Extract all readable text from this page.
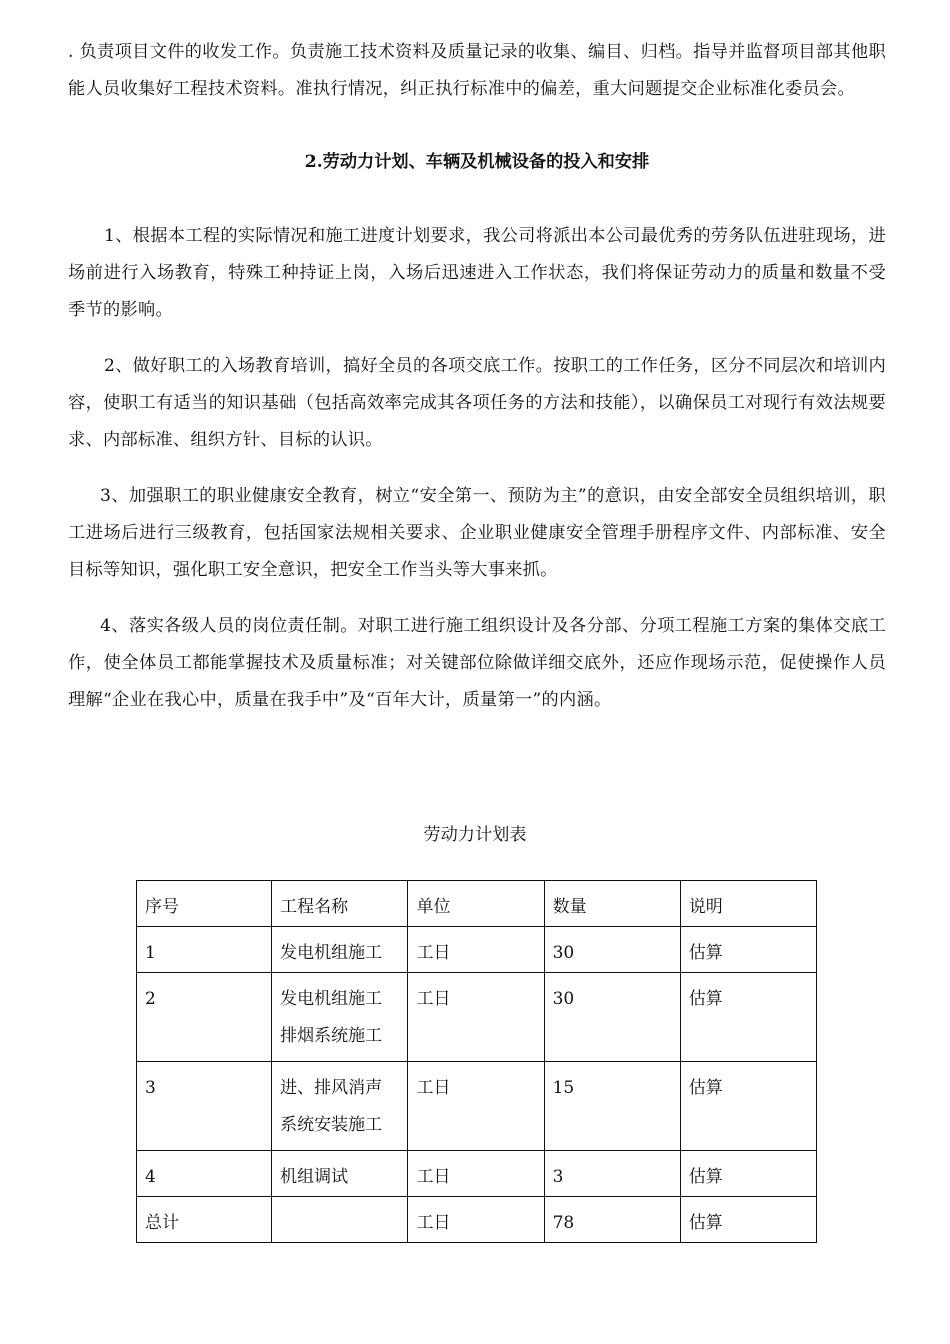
. 负责项目文件的收发工作。负责施工技术资料及质量记录的收集、编目、归档。指导并监督项目部其他职能人员收集好工程技术资料。准执行情况，纠正执行标准中的偏差，重大问题提交企业标准化委员会。

2.劳动力计划、车辆及机械设备的投入和安排

1、根据本工程的实际情况和施工进度计划要求，我公司将派出本公司最优秀的劳务队伍进驻现场，进场前进行入场教育，特殊工种持证上岗，入场后迅速进入工作状态，我们将保证劳动力的质量和数量不受季节的影响。

2、做好职工的入场教育培训，搞好全员的各项交底工作。按职工的工作任务，区分不同层次和培训内容，使职工有适当的知识基础（包括高效率完成其各项任务的方法和技能），以确保员工对现行有效法规要求、内部标准、组织方针、目标的认识。

3、加强职工的职业健康安全教育，树立“安全第一、预防为主”的意识，由安全部安全员组织培训，职工进场后进行三级教育，包括国家法规相关要求、企业职业健康安全管理手册程序文件、内部标准、安全目标等知识，强化职工安全意识，把安全工作当头等大事来抓。

4、落实各级人员的岗位责任制。对职工进行施工组织设计及各分部、分项工程施工方案的集体交底工作，使全体员工都能掌握技术及质量标准；对关键部位除做详细交底外，还应作现场示范，促使操作人员理解“企业在我心中，质量在我手中”及“百年大计，质量第一”的内涵。

劳动力计划表
序号	工程名称	单位	数量	说明
1	发电机组施工	工日	30	估算
2	发电机组施工
排烟系统施工	工日	30	估算
3	进、排风消声
系统安装施工	工日	15	估算
4	机组调试	工日	3	估算
总计		工日	78	估算
